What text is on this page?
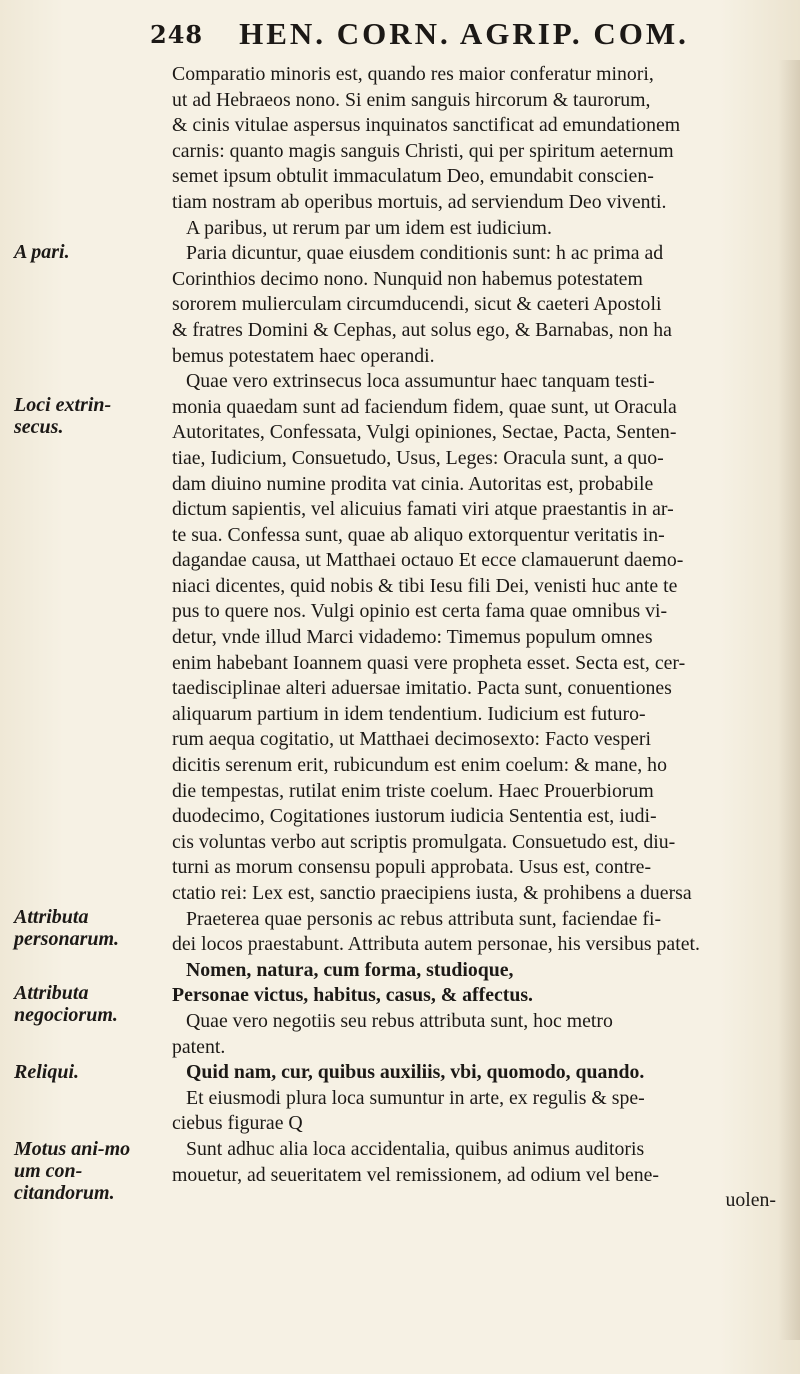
248 HEN. CORN. AGRIP. COM.
Comparatio minoris est, quando res maior conferatur minori,
ut ad Hebraeos nono. Si enim sanguis hircorum & taurorum,
& cinis vitulae aspersus inquinatos sanctificat ad emundationem
carnis: quanto magis sanguis Christi, qui per spiritum aeternum
semet ipsum obtulit immaculatum Deo, emundabit conscien-
tiam nostram ab operibus mortuis, ad serviendum Deo viventi.
A paribus, ut rerum par um idem est iudicium.
Paria dicuntur, quae eiusdem conditionis sunt: h ac prima ad
Corinthios decimo nono. Nunquid non habemus potestatem
sororem mulierculam circumducendi, sicut & caeteri Apostoli
& fratres Domini & Cephas, aut solus ego, & Barnabas, non ha
bemus potestatem haec operandi.
Quae vero extrinsecus loca assumuntur haec tanquam testi-
monia quaedam sunt ad faciendum fidem, quae sunt, ut Oracula
Autoritates, Confessata, Vulgi opiniones, Sectae, Pacta, Senten-
tiae, Iudicium, Consuetudo, Usus, Leges: Oracula sunt, a quo-
dam diuino numine prodita vat cinia. Autoritas est, probabile
dictum sapientis, vel alicuius famati viri atque praestantis in ar-
te sua. Confessa sunt, quae ab aliquo extorquentur veritatis in-
dagandae causa, ut Matthaei octauo Et ecce clamauerunt daemo-
niaci dicentes, quid nobis & tibi Iesu fili Dei, venisti huc ante te
pus to quere nos. Vulgi opinio est certa fama quae omnibus vi-
detur, vnde illud Marci vidademo: Timemus populum omnes
enim habebant Ioannem quasi vere propheta esset. Secta est, cer-
taedisciplinae alteri aduersae imitatio. Pacta sunt, conuentiones
aliquarum partium in idem tendentium. Iudicium est futuro-
rum aequa cogitatio, ut Matthaei decimosexto: Facto vesperi
dicitis serenum erit, rubicundum est enim coelum: & mane, ho
die tempestas, rutilat enim triste coelum. Haec Prouerbiorum
duodecimo, Cogitationes iustorum iudicia Sententia est, iudi-
cis voluntas verbo aut scriptis promulgata. Consuetudo est, diu-
turni as morum consensu populi approbata. Usus est, contre-
ctatio rei: Lex est, sanctio praecipiens iusta, & prohibens a duersa
Praeterea quae personis ac rebus attributa sunt, faciendae fi-
dei locos praestabunt. Attributa autem personae, his versibus patet.
Nomen, natura, cum forma, studioque,
Personae victus, habitus, casus, & affectus.
Quae vero negotiis seu rebus attributa sunt, hoc metro
patent.
Quid nam, cur, quibus auxiliis, vbi, quomodo, quando.
Et eiusmodi plura loca sumuntur in arte, ex regulis & spe-
ciebus figurae Q
Sunt adhuc alia loca accidentalia, quibus animus auditoris
mouetur, ad seueritatem vel remissionem, ad odium vel bene-
uolen-
A pari.
Loci extrin-secus.
Attributa personarum.
Attributa negociorum.
Reliqui.
Motus ani-mo um con-citandorum.
